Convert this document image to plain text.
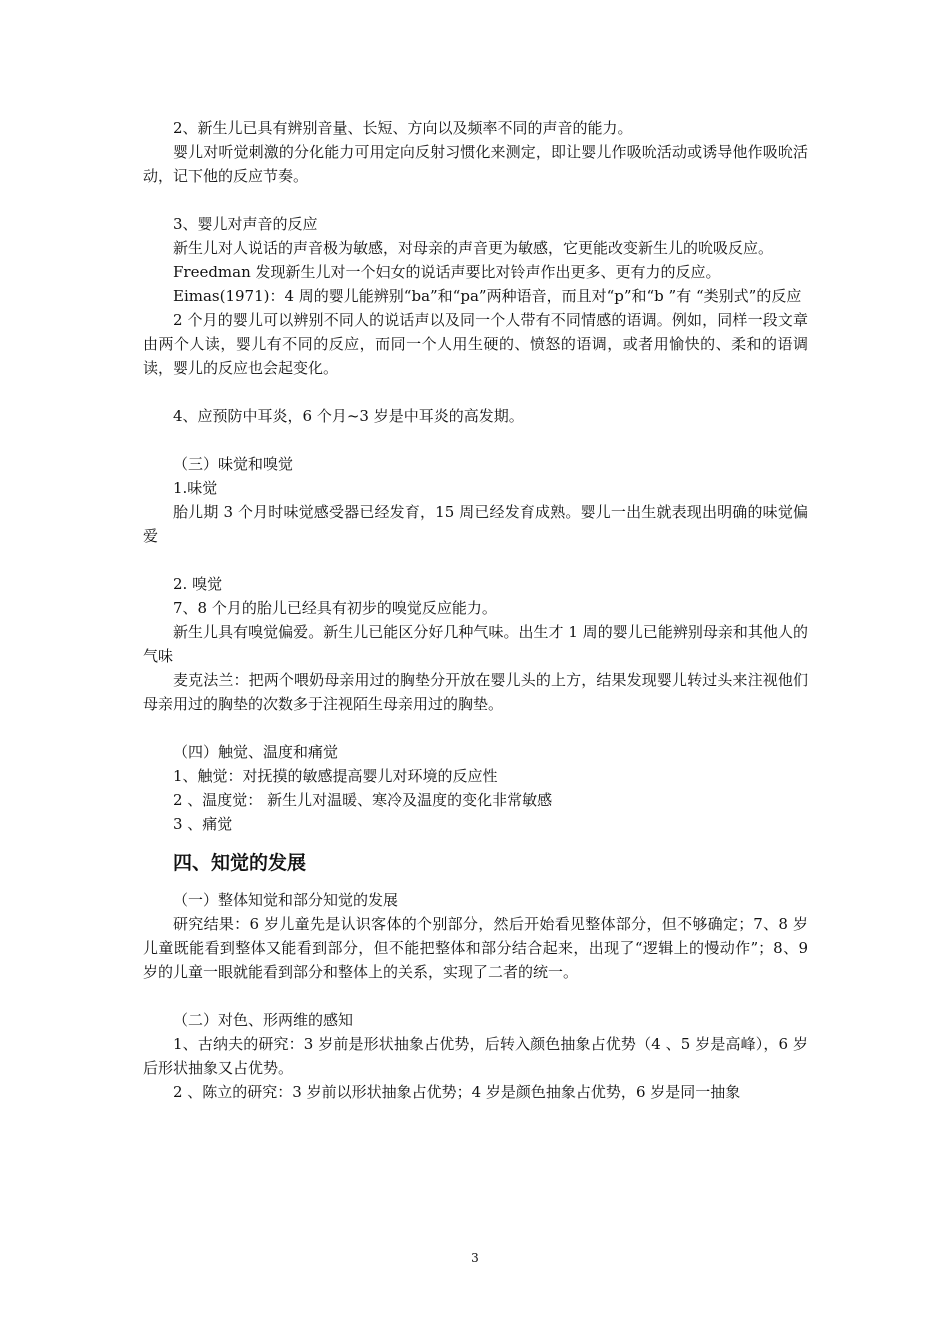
2、新生儿已具有辨别音量、长短、方向以及频率不同的声音的能力。

婴儿对听觉刺激的分化能力可用定向反射习惯化来测定，即让婴儿作吸吮活动或诱导他作吸吮活动，记下他的反应节奏。

3、婴儿对声音的反应

新生儿对人说话的声音极为敏感，对母亲的声音更为敏感，它更能改变新生儿的吮吸反应。

Freedman 发现新生儿对一个妇女的说话声要比对铃声作出更多、更有力的反应。

Eimas(1971)：4 周的婴儿能辨别“ba”和“pa”两种语音，而且对“p”和“b ”有 “类别式”的反应

2 个月的婴儿可以辨别不同人的说话声以及同一个人带有不同情感的语调。例如，同样一段文章由两个人读，婴儿有不同的反应，而同一个人用生硬的、愤怒的语调，或者用愉快的、柔和的语调读，婴儿的反应也会起变化。

4、应预防中耳炎，6 个月~3 岁是中耳炎的高发期。

（三）味觉和嗅觉

1.味觉

胎儿期 3 个月时味觉感受器已经发育，15 周已经发育成熟。婴儿一出生就表现出明确的味觉偏爱

2. 嗅觉

7、8 个月的胎儿已经具有初步的嗅觉反应能力。

新生儿具有嗅觉偏爱。新生儿已能区分好几种气味。出生才 1 周的婴儿已能辨别母亲和其他人的气味

麦克法兰：把两个喂奶母亲用过的胸垫分开放在婴儿头的上方，结果发现婴儿转过头来注视他们母亲用过的胸垫的次数多于注视陌生母亲用过的胸垫。

（四）触觉、温度和痛觉

1、触觉：对抚摸的敏感提高婴儿对环境的反应性

2 、温度觉： 新生儿对温暖、寒冷及温度的变化非常敏感

3 、痛觉

四、知觉的发展

（一）整体知觉和部分知觉的发展

研究结果：6 岁儿童先是认识客体的个别部分，然后开始看见整体部分，但不够确定；7、8 岁儿童既能看到整体又能看到部分，但不能把整体和部分结合起来，出现了“逻辑上的慢动作”；8、9 岁的儿童一眼就能看到部分和整体上的关系，实现了二者的统一。

（二）对色、形两维的感知

1、古纳夫的研究：3 岁前是形状抽象占优势，后转入颜色抽象占优势（4 、5 岁是高峰），6 岁后形状抽象又占优势。

2 、陈立的研究：3 岁前以形状抽象占优势；4 岁是颜色抽象占优势，6 岁是同一抽象

3
